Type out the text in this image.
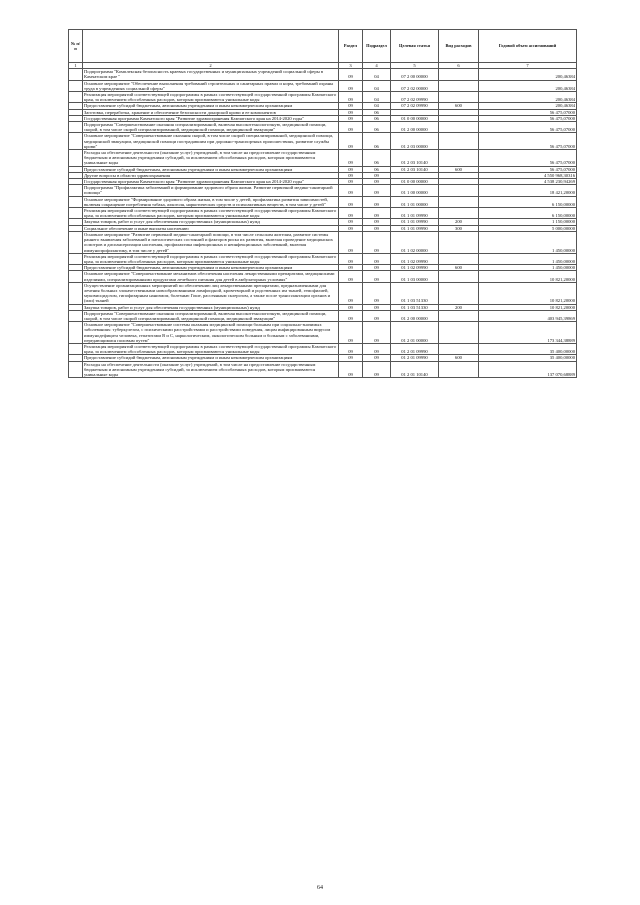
№ п/п		Раздел	Подраздел	Целевая статья	Вид расходов	Годовой объем ассигнований
1	2	3	4	5	6	7
	Подпрограмма "Комплексная безопасность краевых государственных и муниципальных учреждений социальной сферы в Камчатском крае "	09	04	07 2 00 00000		200,46384
	Основное мероприятие "Обеспечение выполнения требований строительных и санитарных правил и норм, требований охраны труда в учреждениях социальной сферы"	09	04	07 2 02 00000		200,46384
	Реализация мероприятий соответствующей подпрограммы в рамках соответствующей государственной программы Камчатского края, за исключением обособленных расходов, которым присваиваются уникальные коды	09	04	07 2 02 09990		200,46384
	Предоставление субсидий бюджетным, автономным учреждениям и иным некоммерческим организациям	09	04	07 2 02 09990	600	200,46384
	Заготовка, переработка, хранение и обеспечение безопасности донорской крови и ее компонентов	09	06			56 475,07000
	Государственная программа Камчатского края "Развитие здравоохранения Камчатского края на 2014-2020 годы"	09	06	01 0 00 00000		56 475,07000
	Подпрограмма "Совершенствование оказания специализированной, включая высокотехнологичную, медицинской помощи, скорой, в том числе скорой специализированной, медицинской помощи, медицинской эвакуации"	09	06	01 2 00 00000		56 475,07000
	Основное мероприятие "Совершенствование оказания скорой, в том числе скорой специализированной, медицинской помощи, медицинской эвакуации, медицинской помощи пострадавшим при дорожно-транспортных происшествиях, развитие службы крови"	09	06	01 2 03 00000		56 475,07000
	Расходы на обеспечение деятельности (оказание услуг) учреждений, в том числе на предоставление государственным бюджетным и автономным учреждениям субсидий, за исключением обособленных расходов, которым присваиваются уникальные коды	09	06	01 2 03 10140		56 475,07000
	Предоставление субсидий бюджетным, автономным учреждениям и иным некоммерческим организациям	09	06	01 2 03 10140	600	56 475,07000
	Другие вопросы в области здравоохранения	09	09			4 550 968,30316
	Государственная программа Камчатского края "Развитие здравоохранения Камчатского края на 2014-2020 годы"	09	09	01 0 00 00000		4 538 230,94269
	Подпрограмма "Профилактика заболеваний и формирование здорового образа жизни. Развитие первичной медико-санитарной помощи"	09	09	01 1 00 00000		18 421,20000
	Основное мероприятие "Формирование здорового образа жизни, в том числе у детей, профилактика развития зависимостей, включая сокращение потребления табака, алкоголя, наркотических средств и психоактивных веществ, в том числе у детей"	09	09	01 1 01 00000		6 150,00000
	Реализация мероприятий соответствующей подпрограммы в рамках соответствующей государственной программы Камчатского края, за исключением обособленных расходов, которым присваиваются уникальные коды	09	09	01 1 01 09990		6 150,00000
	Закупка товаров, работ и услуг для обеспечения государственных (муниципальных) нужд	09	09	01 1 01 09990	200	1 150,00000
	Социальное обеспечение и иные выплаты населению	09	09	01 1 01 09990	300	5 000,00000
	Основное мероприятие "Развитие первичной медико-санитарной помощи, в том числе сельским жителям, развитие системы раннего выявления заболеваний и патологических состояний и факторов риска их развития, включая проведение медицинских осмотров и диспансеризации населения, профилактика инфекционных и неинфекционных заболеваний, включая иммунопрофилактику, в том числе у детей"	09	09	01 1 02 00000		1 450,00000
	Реализация мероприятий соответствующей подпрограммы в рамках соответствующей государственной программы Камчатского края, за исключением обособленных расходов, которым присваиваются уникальные коды	09	09	01 1 02 09990		1 450,00000
	Предоставление субсидий бюджетным, автономным учреждениям и иным некоммерческим организациям	09	09	01 1 02 09990	600	1 450,00000
	Основное мероприятие "Совершенствование механизмов обеспечения населения лекарственными препаратами, медицинскими изделиями, специализированными продуктами лечебного питания для детей в амбулаторных условиях"	09	09	01 1 03 00000		10 821,20000
	Осуществление организационных мероприятий по обеспечению лиц лекарственными препаратами, предназначенными для лечения больных злокачественными новообразованиями лимфоидной, кроветворной и родственных им тканей, гемофилией, муковисцидозом, гипофизарным нанизмом, болезнью Гоше, рассеянным склерозом, а также после трансплантации органов и (или) тканей	09	09	01 1 03 51330		10 821,20000
	Закупка товаров, работ и услуг для обеспечения государственных (муниципальных) нужд	09	09	01 1 03 51330	200	10 821,20000
	Подпрограмма "Совершенствование оказания специализированной, включая высокотехнологичную, медицинской помощи, скорой, в том числе скорой специализированной, медицинской помощи, медицинской эвакуации"	09	09	01 2 00 00000		403 945,39869
	Основное мероприятие "Совершенствование системы оказания медицинской помощи больным при социально-значимых заболеваниях: туберкулезом, с психическими расстройствами и расстройствами поведения, лицам инфицированным вирусом иммунодефицита человека, гепатитами В и С, наркологическим, онкологическим больным и больным с заболеваниями, передающимися половым путем"	09	09	01 2 01 00000		173 344,38889
	Реализация мероприятий соответствующей подпрограммы в рамках соответствующей государственной программы Камчатского края, за исключением обособленных расходов, которым присваиваются уникальные коды	09	09	01 2 01 09990		35 400,00000
	Предоставление субсидий бюджетным, автономным учреждениям и иным некоммерческим организациям	09	09	01 2 01 09990	600	35 400,00000
	Расходы на обеспечение деятельности (оказание услуг) учреждений, в том числе на предоставление государственным бюджетным и автономным учреждениям субсидий, за исключением обособленных расходов, которым присваиваются уникальные коды	09	09	01 2 01 10140		137 070,68889
64
